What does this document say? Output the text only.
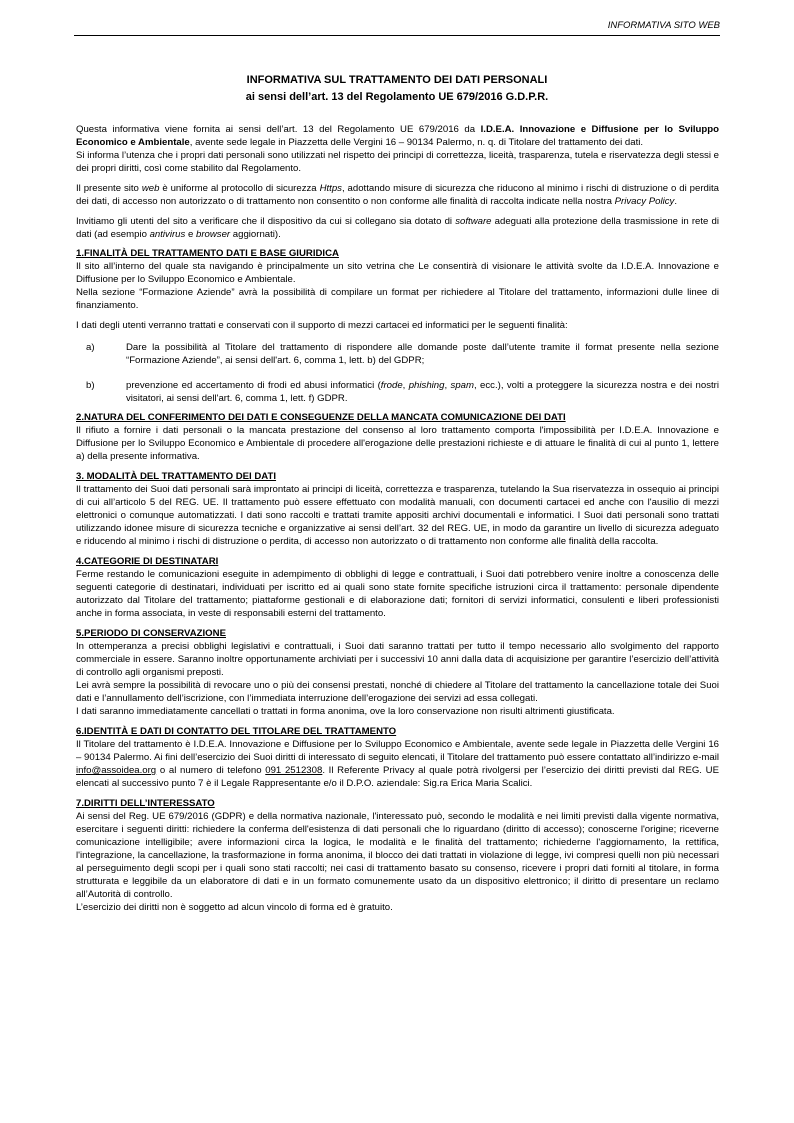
INFORMATIVA SITO WEB
INFORMATIVA SUL TRATTAMENTO DEI DATI PERSONALI
ai sensi dell’art. 13 del Regolamento UE 679/2016 G.D.P.R.

Questa informativa viene fornita ai sensi dell’art. 13 del Regolamento UE 679/2016 da I.D.E.A. Innovazione e Diffusione per lo Sviluppo Economico e Ambientale, avente sede legale in Piazzetta delle Vergini 16 – 90134 Palermo, n. q. di Titolare del trattamento dei dati.

Si informa l’utenza che i propri dati personali sono utilizzati nel rispetto dei principi di correttezza, liceità, trasparenza, tutela e riservatezza degli stessi e dei propri diritti, così come stabilito dal Regolamento.

Il presente sito web è uniforme al protocollo di sicurezza Https, adottando misure di sicurezza che riducono al minimo i rischi di distruzione o di perdita dei dati, di accesso non autorizzato o di trattamento non consentito o non conforme alle finalità di raccolta indicate nella nostra Privacy Policy.

Invitiamo gli utenti del sito a verificare che il dispositivo da cui si collegano sia dotato di software adeguati alla protezione della trasmissione in rete di dati (ad esempio antivirus e browser aggiornati).

1.FINALITÀ DEL TRATTAMENTO DATI E BASE GIURIDICA

Il sito all’interno del quale sta navigando è principalmente un sito vetrina che Le consentirà di visionare le attività svolte da I.D.E.A. Innovazione e Diffusione per lo Sviluppo Economico e Ambientale.

Nella sezione “Formazione Aziende” avrà la possibilità di compilare un format per richiedere al Titolare del trattamento, informazioni dulle linee di finanziamento.

I dati degli utenti verranno trattati e conservati con il supporto di mezzi cartacei ed informatici per le seguenti finalità:

a)	Dare la possibilità al Titolare del trattamento di rispondere alle domande poste dall’utente tramite il format presente nella sezione “Formazione Aziende”, ai sensi dell'art. 6, comma 1, lett. b) del GDPR;
b)	prevenzione ed accertamento di frodi ed abusi informatici (frode, phishing, spam, ecc.), volti a proteggere la sicurezza nostra e dei nostri visitatori, ai sensi dell'art. 6, comma 1, lett. f) GDPR.
2.NATURA DEL CONFERIMENTO DEI DATI E CONSEGUENZE DELLA MANCATA COMUNICAZIONE DEI DATI

Il rifiuto a fornire i dati personali o la mancata prestazione del consenso al loro trattamento comporta l'impossibilità per I.D.E.A. Innovazione e Diffusione per lo Sviluppo Economico e Ambientale di procedere all'erogazione delle prestazioni richieste e di attuare le finalità di cui al punto 1, lettere a) della presente informativa.

3. MODALITÀ DEL TRATTAMENTO DEI DATI

Il trattamento dei Suoi dati personali sarà improntato ai principi di liceità, correttezza e trasparenza, tutelando la Sua riservatezza in ossequio ai principi di cui all’articolo 5 del REG. UE. Il trattamento può essere effettuato con modalità manuali, con documenti cartacei ed anche con l'ausilio di mezzi elettronici o comunque automatizzati. I dati sono raccolti e trattati tramite appositi archivi documentali e informatici. I Suoi dati personali sono trattati utilizzando idonee misure di sicurezza tecniche e organizzative ai sensi dell’art. 32 del REG. UE, in modo da garantire un livello di sicurezza adeguato e riducendo al minimo i rischi di distruzione o perdita, di accesso non autorizzato o di trattamento non conforme alle finalità della raccolta.

4.CATEGORIE DI DESTINATARI

Ferme restando le comunicazioni eseguite in adempimento di obblighi di legge e contrattuali, i Suoi dati potrebbero venire inoltre a conoscenza delle seguenti categorie di destinatari, individuati per iscritto ed ai quali sono state fornite specifiche istruzioni circa il trattamento: personale dipendente autorizzato dal Titolare del trattamento; piattaforme gestionali e di elaborazione dati; fornitori di servizi informatici, consulenti e liberi professionisti anche in forma associata, in veste di responsabili esterni del trattamento.

5.PERIODO DI CONSERVAZIONE

In ottemperanza a precisi obblighi legislativi e contrattuali, i Suoi dati saranno trattati per tutto il tempo necessario allo svolgimento del rapporto commerciale in essere. Saranno inoltre opportunamente archiviati per i successivi 10 anni dalla data di acquisizione per garantire l’esercizio dell’attività di controllo agli organismi preposti.

Lei avrà sempre la possibilità di revocare uno o più dei consensi prestati, nonché di chiedere al Titolare del trattamento la cancellazione totale dei Suoi dati e l’annullamento dell’iscrizione, con l’immediata interruzione dell’erogazione dei servizi ad essa collegati.

I dati saranno immediatamente cancellati o trattati in forma anonima, ove la loro conservazione non risulti altrimenti giustificata.

6.IDENTITÀ E DATI DI CONTATTO DEL TITOLARE DEL TRATTAMENTO

Il Titolare del trattamento è I.D.E.A. Innovazione e Diffusione per lo Sviluppo Economico e Ambientale, avente sede legale in Piazzetta delle Vergini 16 – 90134 Palermo. Ai fini dell’esercizio dei Suoi diritti di interessato di seguito elencati, il Titolare del trattamento può essere contattato all’indirizzo e-mail info@assoidea.org o al numero di telefono 091 2512308. Il Referente Privacy al quale potrà rivolgersi per l’esercizio dei diritti previsti dal REG. UE elencati al successivo punto 7 è il Legale Rappresentante e/o il D.P.O. aziendale: Sig.ra Erica Maria Scalici.

7.DIRITTI DELL’INTERESSATO

Ai sensi del Reg. UE 679/2016 (GDPR) e della normativa nazionale, l'interessato può, secondo le modalità e nei limiti previsti dalla vigente normativa, esercitare i seguenti diritti: richiedere la conferma dell'esistenza di dati personali che lo riguardano (diritto di accesso); conoscerne l'origine; riceverne comunicazione intelligibile; avere informazioni circa la logica, le modalità e le finalità del trattamento; richiederne l'aggiornamento, la rettifica, l'integrazione, la cancellazione, la trasformazione in forma anonima, il blocco dei dati trattati in violazione di legge, ivi compresi quelli non più necessari al perseguimento degli scopi per i quali sono stati raccolti; nei casi di trattamento basato su consenso, ricevere i propri dati forniti al titolare, in forma strutturata e leggibile da un elaboratore di dati e in un formato comunemente usato da un dispositivo elettronico; il diritto di presentare un reclamo all’Autorità di controllo.

L’esercizio dei diritti non è soggetto ad alcun vincolo di forma ed è gratuito.
